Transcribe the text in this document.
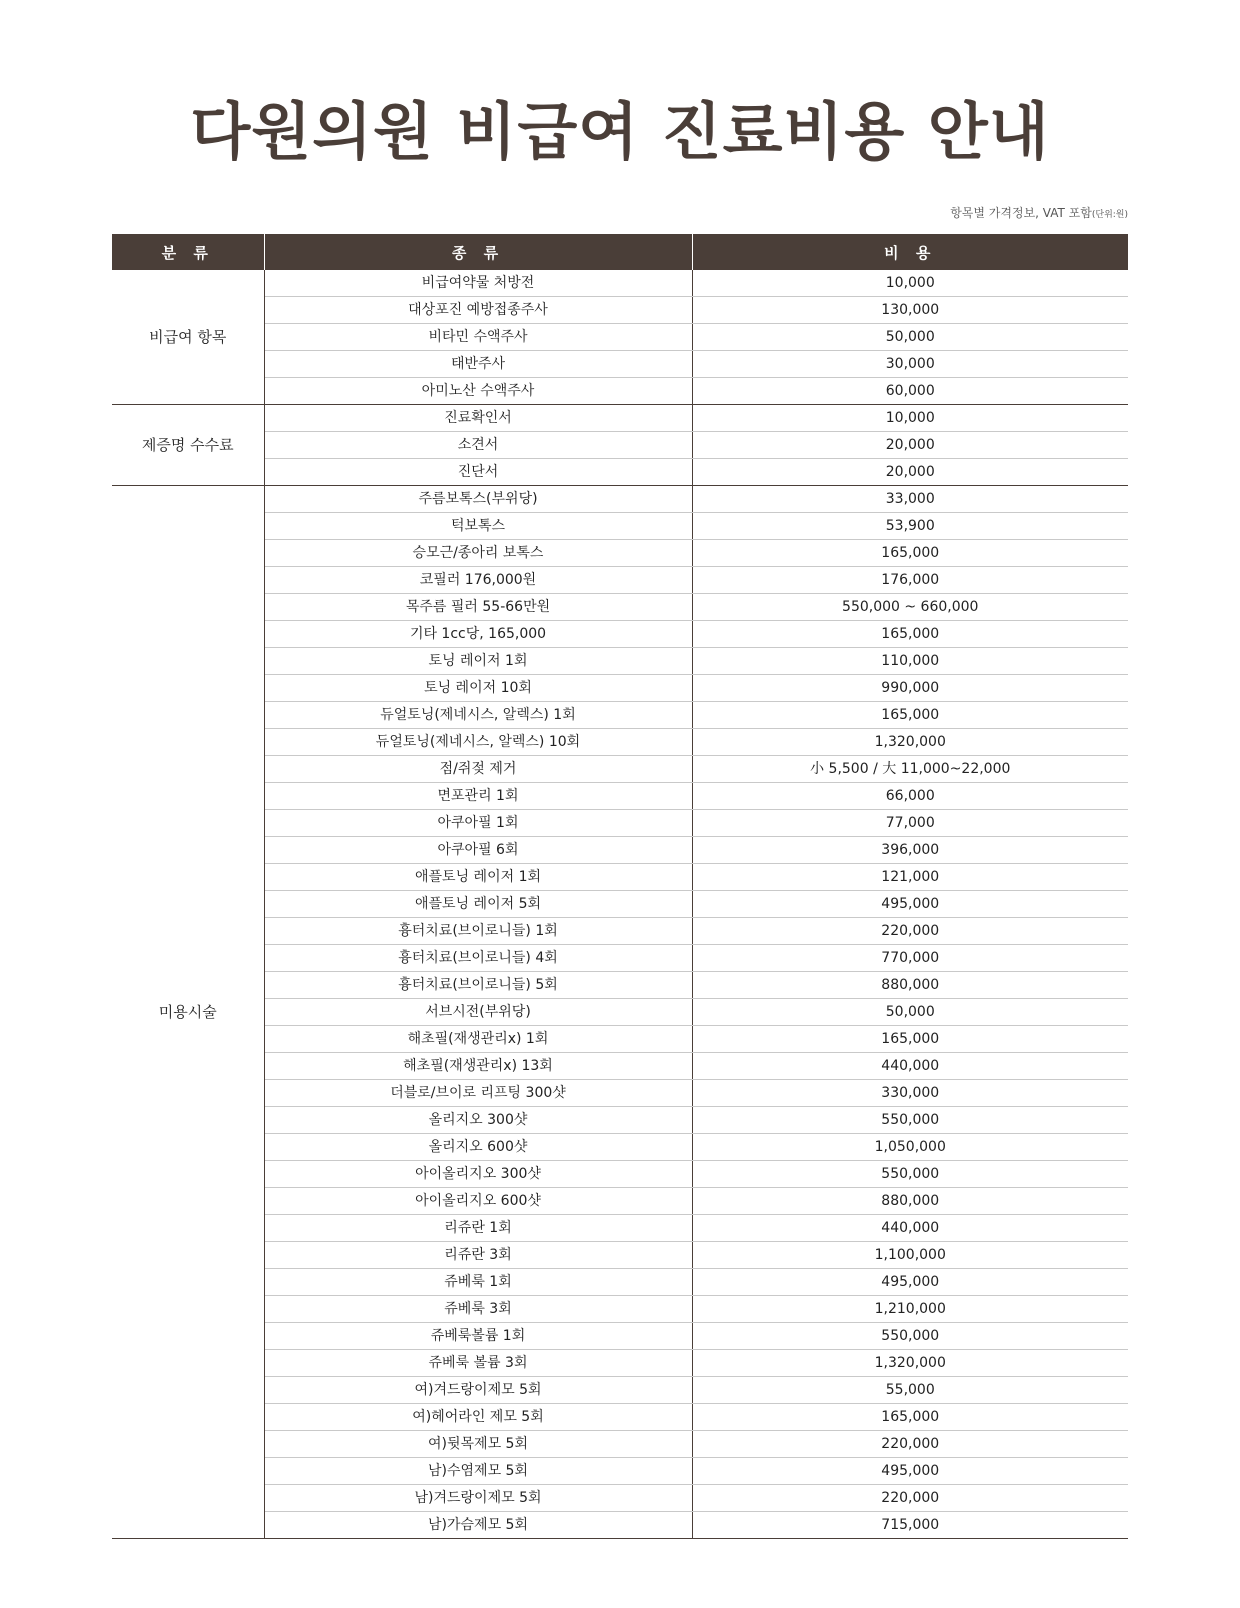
다원의원 비급여 진료비용 안내
항목별 가격정보, VAT 포함(단위:원)
분 류	종 류	비 용
비급여 항목	비급여약물 처방전	10,000
	대상포진 예방접종주사	130,000
	비타민 수액주사	50,000
	태반주사	30,000
	아미노산 수액주사	60,000
제증명 수수료	진료확인서	10,000
	소견서	20,000
	진단서	20,000
미용시술	주름보톡스(부위당)	33,000
	턱보톡스	53,900
	승모근/종아리 보톡스	165,000
	코필러 176,000원	176,000
	목주름 필러 55-66만원	550,000 ~ 660,000
	기타 1cc당, 165,000	165,000
	토닝 레이저 1회	110,000
	토닝 레이저 10회	990,000
	듀얼토닝(제네시스, 알렉스) 1회	165,000
	듀얼토닝(제네시스, 알렉스) 10회	1,320,000
	점/쥐젖 제거	小 5,500 / 大 11,000~22,000
	면포관리 1회	66,000
	아쿠아필 1회	77,000
	아쿠아필 6회	396,000
	애플토닝 레이저 1회	121,000
	애플토닝 레이저 5회	495,000
	흉터치료(브이로니들) 1회	220,000
	흉터치료(브이로니들) 4회	770,000
	흉터치료(브이로니들) 5회	880,000
	서브시전(부위당)	50,000
	해초필(재생관리x) 1회	165,000
	해초필(재생관리x) 13회	440,000
	더블로/브이로 리프팅 300샷	330,000
	올리지오 300샷	550,000
	올리지오 600샷	1,050,000
	아이올리지오 300샷	550,000
	아이올리지오 600샷	880,000
	리쥬란 1회	440,000
	리쥬란 3회	1,100,000
	쥬베룩 1회	495,000
	쥬베룩 3회	1,210,000
	쥬베룩볼륨 1회	550,000
	쥬베룩 볼륨 3회	1,320,000
	여)겨드랑이제모 5회	55,000
	여)헤어라인 제모 5회	165,000
	여)뒷목제모 5회	220,000
	남)수염제모 5회	495,000
	남)겨드랑이제모 5회	220,000
	남)가슴제모 5회	715,000
